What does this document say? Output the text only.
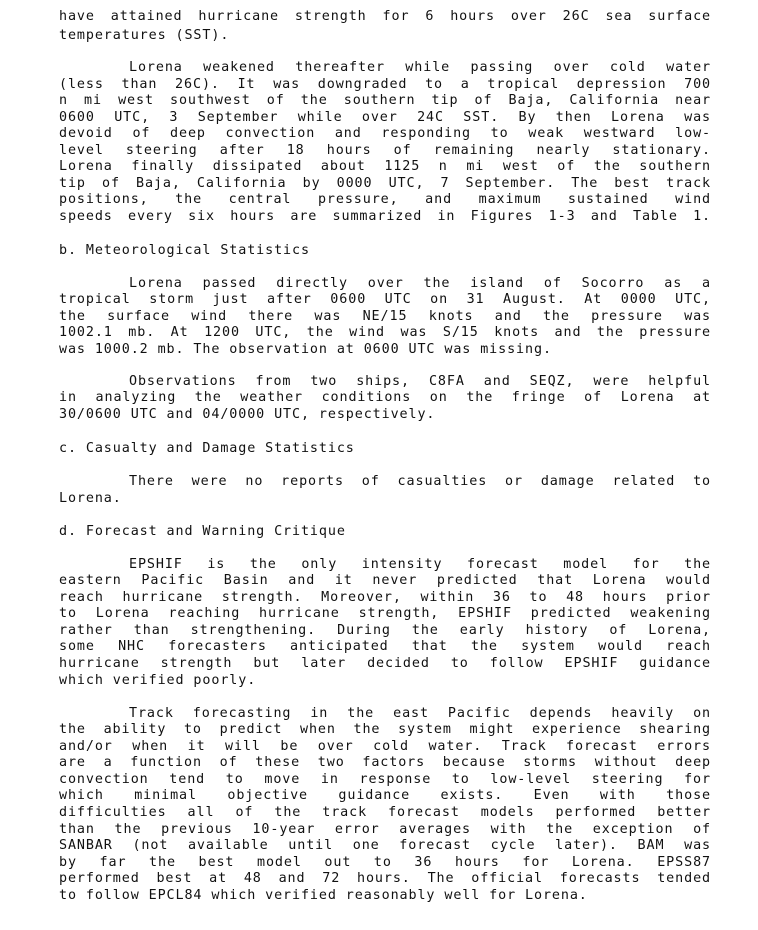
have attained hurricane strength for 6 hours over 26C sea surface
temperatures (SST).
Lorena weakened thereafter while passing over cold water
(less than 26C). It was downgraded to a tropical depression 700
n mi west southwest of the southern tip of Baja, California near
0600 UTC, 3 September while over 24C SST. By then Lorena was
devoid of deep convection and responding to weak westward low-
level steering after 18 hours of remaining nearly stationary.
Lorena finally dissipated about 1125 n mi west of the southern
tip of Baja, California by 0000 UTC, 7 September. The best track
positions, the central pressure, and maximum sustained wind
speeds every six hours are summarized in Figures 1-3 and Table 1.
b. Meteorological Statistics
Lorena passed directly over the island of Socorro as a
tropical storm just after 0600 UTC on 31 August. At 0000 UTC,
the surface wind there was NE/15 knots and the pressure was
1002.1 mb. At 1200 UTC, the wind was S/15 knots and the pressure
was 1000.2 mb. The observation at 0600 UTC was missing.
Observations from two ships, C8FA and SEQZ, were helpful
in analyzing the weather conditions on the fringe of Lorena at
30/0600 UTC and 04/0000 UTC, respectively.
c. Casualty and Damage Statistics
There were no reports of casualties or damage related to
Lorena.
d. Forecast and Warning Critique
EPSHIF is the only intensity forecast model for the
eastern Pacific Basin and it never predicted that Lorena would
reach hurricane strength. Moreover, within 36 to 48 hours prior
to Lorena reaching hurricane strength, EPSHIF predicted weakening
rather than strengthening. During the early history of Lorena,
some NHC forecasters anticipated that the system would reach
hurricane strength but later decided to follow EPSHIF guidance
which verified poorly.
Track forecasting in the east Pacific depends heavily on
the ability to predict when the system might experience shearing
and/or when it will be over cold water. Track forecast errors
are a function of these two factors because storms without deep
convection tend to move in response to low-level steering for
which minimal objective guidance exists. Even with those
difficulties all of the track forecast models performed better
than the previous 10-year error averages with the exception of
SANBAR (not available until one forecast cycle later). BAM was
by far the best model out to 36 hours for Lorena. EPSS87
performed best at 48 and 72 hours. The official forecasts tended
to follow EPCL84 which verified reasonably well for Lorena.
